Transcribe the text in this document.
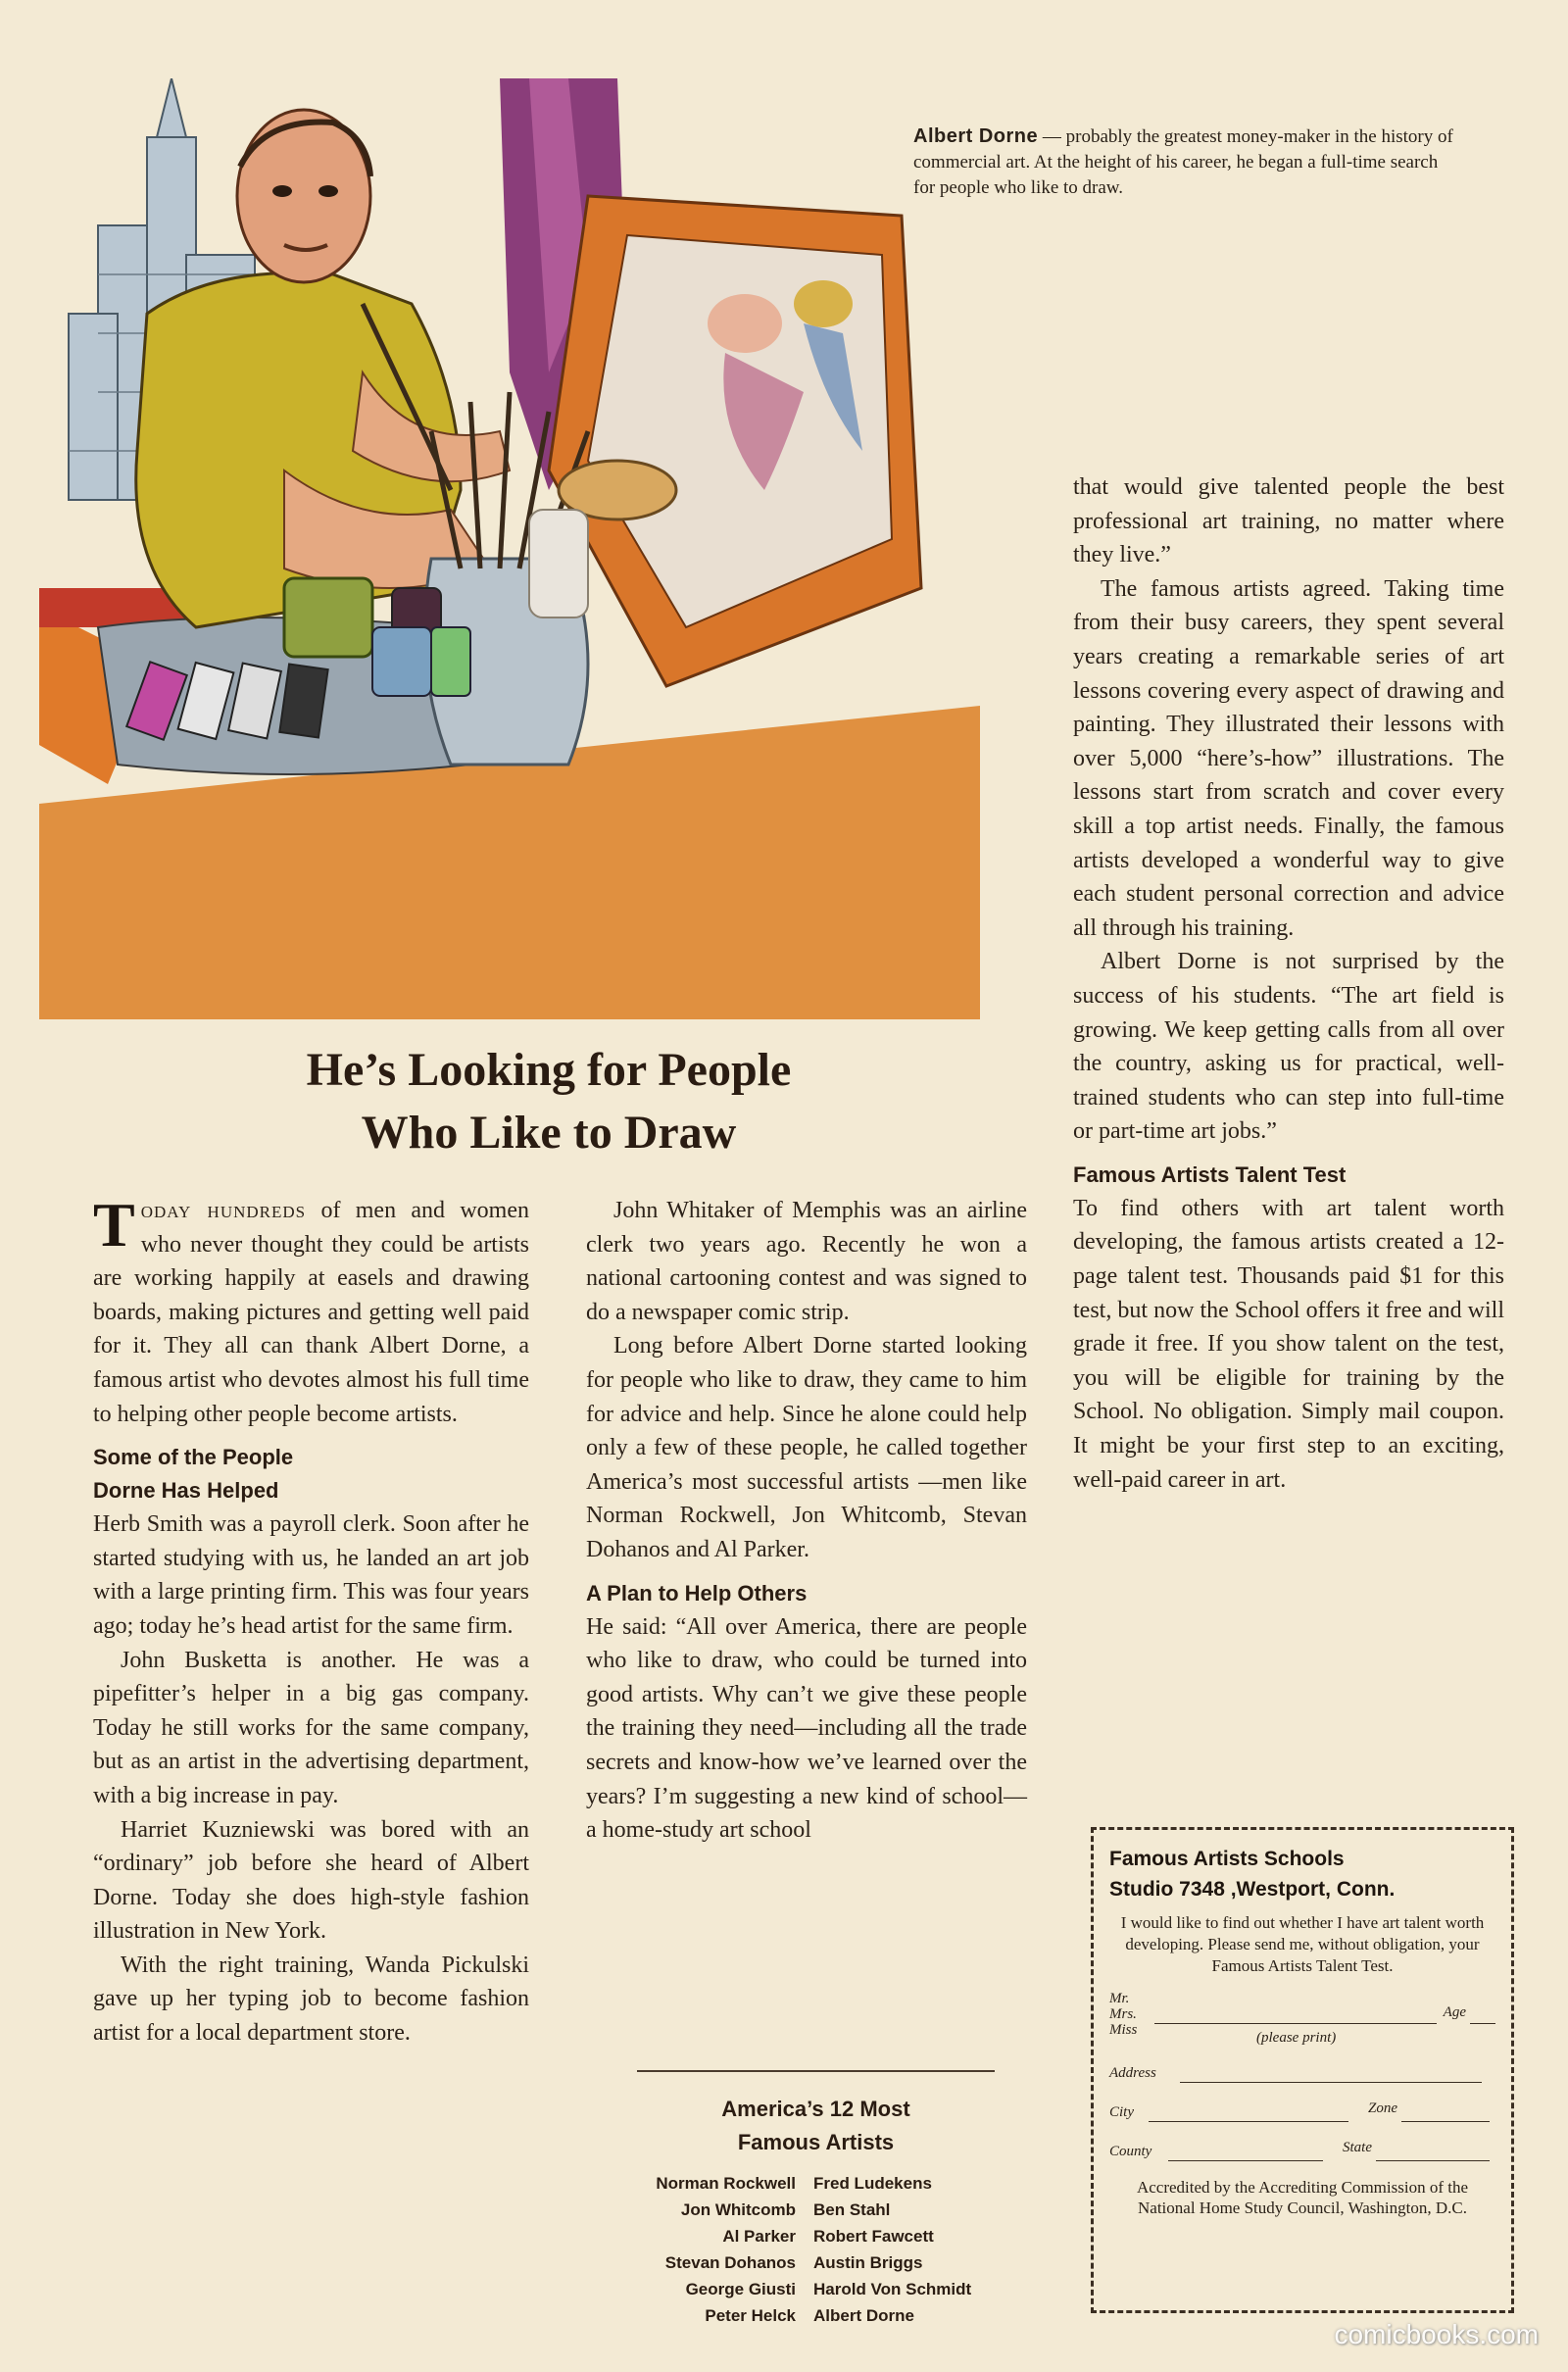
Albert Dorne — probably the greatest money-maker in the history of commercial art. At the height of his career, he began a full-time search for people who like to draw.
He’s Looking for People
Who Like to Draw

Today hundreds of men and women who never thought they could be artists are working happily at easels and drawing boards, making pictures and getting well paid for it. They all can thank Albert Dorne, a famous artist who devotes almost his full time to helping other people become artists.

Some of the People
Dorne Has Helped

Herb Smith was a payroll clerk. Soon after he started studying with us, he landed an art job with a large printing firm. This was four years ago; today he’s head artist for the same firm.

John Busketta is another. He was a pipefitter’s helper in a big gas company. Today he still works for the same company, but as an artist in the advertising department, with a big increase in pay.

Harriet Kuzniewski was bored with an “ordinary” job before she heard of Albert Dorne. Today she does high-style fashion illustration in New York.

With the right training, Wanda Pickulski gave up her typing job to become fashion artist for a local department store.

John Whitaker of Memphis was an airline clerk two years ago. Recently he won a national cartooning contest and was signed to do a newspaper comic strip.

Long before Albert Dorne started looking for people who like to draw, they came to him for advice and help. Since he alone could help only a few of these people, he called together America’s most successful artists —men like Norman Rockwell, Jon Whitcomb, Stevan Dohanos and Al Parker.

A Plan to Help Others

He said: “All over America, there are people who like to draw, who could be turned into good artists. Why can’t we give these people the training they need—including all the trade secrets and know-how we’ve learned over the years? I’m suggesting a new kind of school—a home-study art school

that would give talented people the best professional art training, no matter where they live.”

The famous artists agreed. Taking time from their busy careers, they spent several years creating a remarkable series of art lessons covering every aspect of drawing and painting. They illustrated their lessons with over 5,000 “here’s-how” illustrations. The lessons start from scratch and cover every skill a top artist needs. Finally, the famous artists developed a wonderful way to give each student personal correction and advice all through his training.

Albert Dorne is not surprised by the success of his students. “The art field is growing. We keep getting calls from all over the country, asking us for practical, well-trained students who can step into full-time or part-time art jobs.”

Famous Artists Talent Test

To find others with art talent worth developing, the famous artists created a 12-page talent test. Thousands paid $1 for this test, but now the School offers it free and will grade it free. If you show talent on the test, you will be eligible for training by the School. No obligation. Simply mail coupon. It might be your first step to an exciting, well-paid career in art.

America’s 12 Most
Famous Artists
Norman Rockwell	Fred Ludekens
Jon Whitcomb	Ben Stahl
Al Parker	Robert Fawcett
Stevan Dohanos	Austin Briggs
George Giusti	Harold Von Schmidt
Peter Helck	Albert Dorne
Famous Artists Schools
Studio 7348 ,Westport, Conn.
I would like to find out whether I have art talent worth developing. Please send me, without obligation, your Famous Artists Talent Test.
Mr.
Mrs.
Miss
Age
(please print)
Address
City	Zone
County	State
Accredited by the Accrediting Commission of the National Home Study Council, Washington, D.C.
comicbooks.com
